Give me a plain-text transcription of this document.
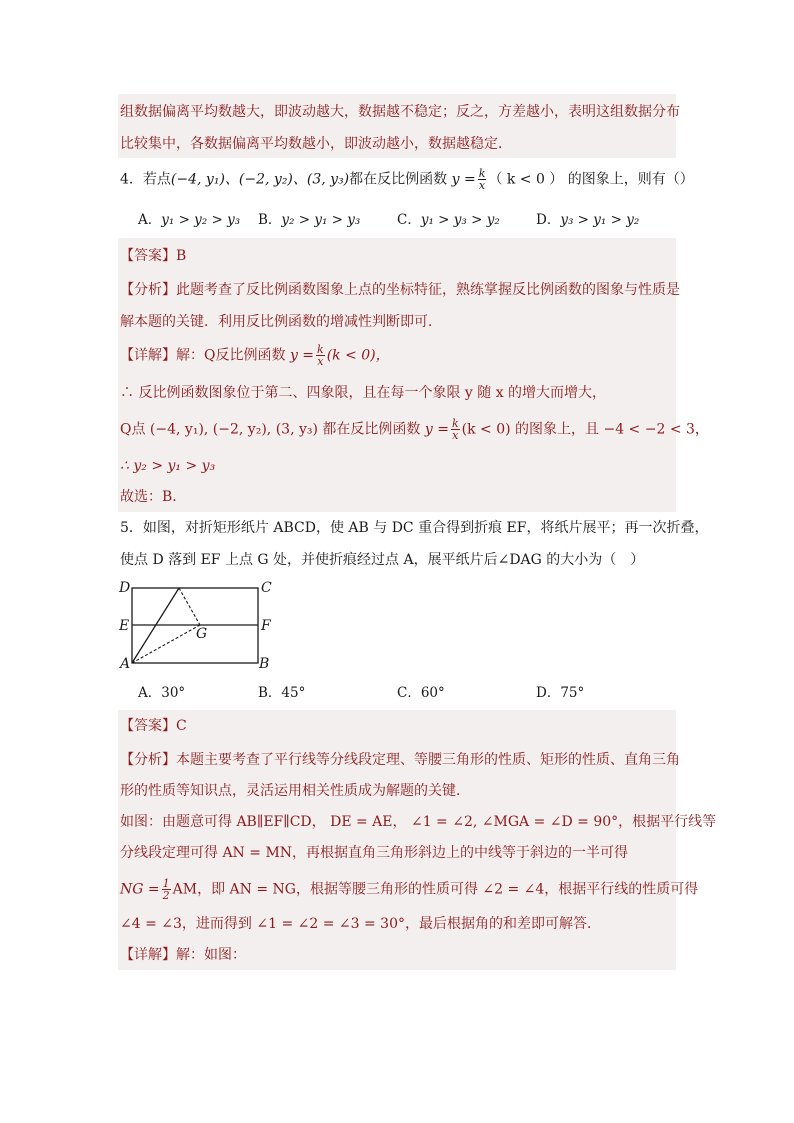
组数据偏离平均数越大，即波动越大，数据越不稳定；反之，方差越小，表明这组数据分布
比较集中，各数据偏离平均数越小，即波动越小，数据越稳定．
4．若点(−4, y₁)、(−2, y₂)、(3, y₃)都在反比例函数 $y = \frac{k}{x}$ （ k < 0 ） 的图象上，则有（）
A．y₁ > y₂ > y₃ B．y₂ > y₁ > y₃	C．y₁ > y₃ > y₂	D．y₃ > y₁ > y₂
【答案】B
【分析】此题考查了反比例函数图象上点的坐标特征，熟练掌握反比例函数的图象与性质是
解本题的关键．利用反比例函数的增减性判断即可．
【详解】解：Q反比例函数 $y = \frac{k}{x} (k < 0)$，
∴ 反比例函数图象位于第二、四象限，且在每一个象限 y 随 x 的增大而增大，
Q点 (−4, y₁), (−2, y₂), (3, y₃) 都在反比例函数 $y = \frac{k}{x} (k < 0)$ 的图象上，且 −4 < −2 < 3，
∴ y₂ > y₁ > y₃
故选：B．
5．如图，对折矩形纸片 ABCD，使 AB 与 DC 重合得到折痕 EF，将纸片展平；再一次折叠，
使点 D 落到 EF 上点 G 处，并使折痕经过点 A，展平纸片后∠DAG 的大小为（　）
D	C
E	F
G
A	B
A．30°	B．45°	C．60°	D．75°
【答案】C
【分析】本题主要考查了平行线等分线段定理、等腰三角形的性质、矩形的性质、直角三角
形的性质等知识点，灵活运用相关性质成为解题的关键．
如图：由题意可得 AB∥EF∥CD， DE = AE， ∠1 = ∠2, ∠MGA = ∠D = 90°，根据平行线等
分线段定理可得 AN = MN，再根据直角三角形斜边上的中线等于斜边的一半可得
NG = $\frac{1}{2}$ AM，即 AN = NG，根据等腰三角形的性质可得 ∠2 = ∠4，根据平行线的性质可得
∠4 = ∠3，进而得到 ∠1 = ∠2 = ∠3 = 30°，最后根据角的和差即可解答．
【详解】解：如图：
